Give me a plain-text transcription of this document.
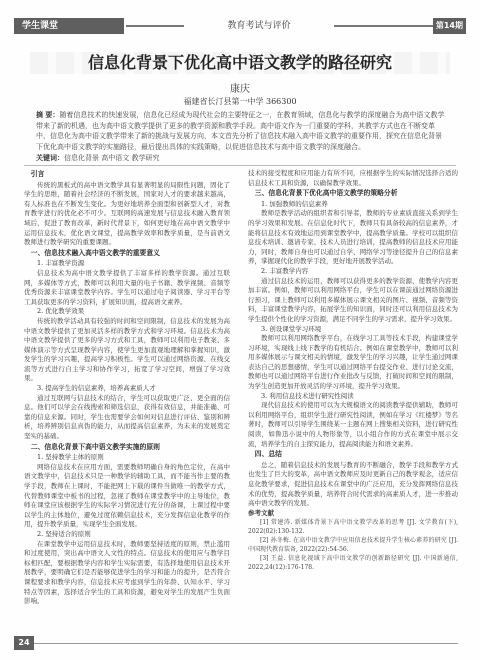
学生课堂	教育考试与评价	第14期
信息化背景下优化高中语文教学的路径研究
康庆
福建省长汀县第一中学 366300
摘 要：随着信息技术的快速发展，信息化已经成为现代社会的主要特征之一，在教育领域，信息化与教学的深度融合为高中语文教学带来了新的机遇，也为高中语文教学提供了更多的教学资源和教学手段。高中语文作为一门重要的学科，其教学方式也在不断变革中，信息化为高中语文教学带来了新的挑战与发展方向，本文首先分析了信息技术融入高中语文教学的重要作用，探究在信息化背景下优化高中语文教学的实施路径，最后提出具体的实践策略，以促进信息技术与高中语文教学的深度融合。
关键词：信息化背景 高中语文 教学研究
引言

传统的黑板式的高中语文教学具有显著明显的局限性问题，固化了学生的思维，随着社会经济的不断发展，国家对人才的要求越来越高，有人标准也在不断发生变化。为更好地培养全面型和创新型人才，对教育教学进行的优化必不可少。互联网的高速发展与信息技术融入教育领域后，促进了教育改革，新时代背景下，如何更好地在高中语文教学中运用信息技术，优化语文课堂，提高教学效率和教学质量，是当前语文教师进行教学研究的重要课题。

一、信息技术融入高中语文教学的重要意义
1. 丰富教学资源

信息技术为高中语文教学提供了丰富多样的教学资源。通过互联网，多媒体等方式，教师可以利用大量的电子书籍、教学视频、音频等优秀资源来丰富课堂教学内容。学生可以通过电子阅读器、学习平台等工具获取更多的学习资料，扩展知识面，提高语文素养。

2. 优化教学效果

传统的教学活动具有较强的时间和空间限制，信息技术的发展为高中语文教学提供了更加灵活多样的教学方式和学习环境。信息技术为高中语文教学提供了更多的学习方式和工具，教师可以利用电子教案、多媒体演示等方式呈现教学内容，使学生更加直观地理解和掌握知识，激发学生的学习兴趣，提高学习积极性。学生可以通过网络资源、在线交流等方式进行自主学习和协作学习，拓宽了学习空间，增强了学习效果。

3. 提高学生的信息素养，培养高素质人才

通过互联网与信息技术的结合，学生可以获取更广泛、更全面的信息。他们可以学会在线搜索和筛选信息，获得有效信息，并能准确、可靠的信息来源。同时，学生也需要学会如何对信息进行评估、鉴别和辨析，培养辨别信息真伪的能力，从而提高信息素养，为未来的发展奠定坚实的基础。

二、信息化背景下高中语文教学实施的原则
1. 坚持教学主体的原则

网络信息技术在应用方面，需要教师明确自身的角色定位，在高中语文教学中，信息技术只是一种教学的辅助工具，而不能当作主要的教学手段，教师在上课时，不能把网上下载的课件当做唯一的教学方式，代替教师课堂中板书的过程，忽视了教师在课堂教学中的主导地位，教师在课堂应该根据学生的实际学习情况进行充分的备课，上课过程中要以学生的主体地位，避免过度依赖信息技术，充分发挥信息化教学的作用，提升教学质量，实现学生全面发展。

2. 坚持适合的原则

在课堂教学中运用信息技术时，教师要坚持适度的原则，禁止滥用和过度使用，突出高中语文人文性的特点。信息技术的使用应与教学目标相匹配，要根据教学内容和学生实际需要，有选择地使用信息技术开展教学，要明确它们是否能够促进学生的学习和能力的提升，是否符合课程要求和教学内容，信息技术应考虑到学生的年龄、认知水平、学习特点等因素，选择适合学生的工具和资源，避免对学生的发展产生负面影响。

技术的接受程度和应用能力有所不同，应根据学生的实际情况选择合适的信息技术工具和资源，以确保教学效果。

三、信息化背景下优化高中语文教学的策略分析
1. 加强教师的信息素养

教师是教学活动的组织者和引导者，教师的专业素质直接关系到学生的学习效果和发展。在信息化时代下，教师只有具备较高的信息素养，才能将信息技术有效地运用到课堂教学中，提高教学质量。学校可以组织信息技术培训、邀请专家、技术人员进行培训，提高教师的信息技术应用能力，同时，教师自身也可以通过自学、网络学习等途径提升自己的信息素养，掌握现代化的教学手段，更好地开展教学活动。

2. 丰富教学内容

通过信息技术的运用，教师可以获得更多的教学资源，使教学内容更加丰富。例如，教师可以利用网络平台，学生可以在课前通过网络资源进行预习，课上教师可以利用多媒体展示课文相关的图片、视频、音频等资料，丰富课堂教学内容，拓展学生的知识面，同时还可以利用信息技术为学生提供个性化的学习资源，满足不同学生的学习需求，提升学习效果。

3. 创设课堂学习环境

教师可以利用网络教学平台，在线学习工具等技术手段，构建课堂学习环境，实现线上线下教学的有机结合。例如在课堂教学中，教师可以利用多媒体展示与课文相关的情境，激发学生的学习兴趣，让学生通过网课表达自己的思想感情，学生可以通过网络平台提交作业、进行讨论交流，教师也可以通过网络平台进行作业批改与反馈，打破时间和空间的限制，为学生创造更加开放灵活的学习环境，提升学习效果。

3. 利用信息技术进行研究性阅读

现代信息技术的使用可以为大规模语文的阅读教学提供辅助，教师可以利用网络平台，组织学生进行研究性阅读，例如在学习《红楼梦》等名著时，教师可以引导学生围绕某一主题在网上搜集相关资料，进行研究性阅读，如鲁迅小说中的人物形象等，以小组合作的方式在课堂中展示交流，培养学生的自主探究能力，提高阅读能力和语文素养。

四、总结

总之，随着信息技术的发展与教育的不断融合，教学手段和教学方式也发生了巨大的变革，高中语文教师应及时更新自己的教学观念，适应信息化教学要求，促进信息技术在课堂中的广泛应用，充分发挥网络信息技术的优势，提高教学质量，培养符合时代需求的高素质人才，进一步推动高中语文教学的发展。

参考文献

[1] 常建涛. 新媒体背景下高中语文教学改革的思考 [J]. 文学教育(下), 2022(02):130-132.

[2] 孙冬梅. 在高中语文教学中应用信息技术提升学生核心素养的研究 [J]. 中国现代教育装备, 2022(22):54-56.

[3] 王益. 信息化视域下高中语文教学的创新路径研究 [J]. 中国新通信, 2022,24(12):176-178.

24
